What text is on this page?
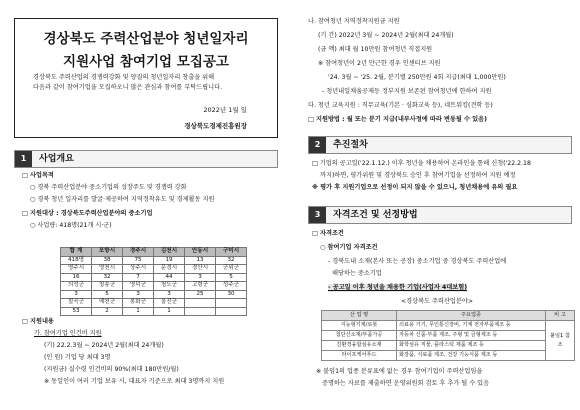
경상북도 주력산업분야 청년일자리
지원사업 참여기업 모집공고
경상북도 주력산업의 경쟁력강화 및 양질의 청년일자리 창출을 위해
다음과 같이 참여기업을 모집하오니 많은 관심과 참여를 부탁드립니다.
2022년 1월 일
경상북도경제진흥원장
1	사업개요
□ 사업목적
○ 경북 주력산업분야 중소기업의 성장주도 및 경쟁력 강화
○ 경북 청년 일자리를 발굴·제공하여 지역정착유도 및 경제활동 지원
□ 지원대상 : 경상북도주력산업분야의 중소기업
○ 사업량: 418명(21개 시·군)
합 계	포항시	경주시	김천시	안동시	구미시
418명	38	75	19	13	32
영주시	영천시	상주시	문경시	경산시	군위군
16	32	7	44	3	5
의성군	청송군	영덕군	청도군	고령군	성주군
3	5	3	3	25	30
칠곡군	예천군	봉화군	울진군		
53	2	1	1		
□ 지원내용
가. 참여기업 인건비 지원
(기) 22.2.3월 ~ 2024년 2월(최대 24개월)
(인 원) 기업 당 최대 3명
(지원금) 실수령 인건비의 90%(최대 180만원/월)
※ 동일인이 여러 기업 보유 시, 대표자 기준으로 최대 3명까지 지원
나. 참여청년 지역정착지원금 지원
(기 간) 2022년 3월 ~ 2024년 2월(최대 24개월)
(금 액) 최대 월 10만원 참여청년 직접지원
※ 참여청년이 2년 만근한 경우 인센티브 지원
'24. 3월 ~ '25. 2월, 분기별 250만원 4회 지급(최대 1,000만원)
- 청년내일채움공제등 정부지원 보존된 참여청년에 한하여 지원
다. 청년 교육지원 : 직무교육(기본 · 심화교육 등), 네트워킹(견학 등)
□ 지원방법 : 월 또는 분기 지급(내부사정에 따라 변동될 수 있음)
2	추진절차
□ 기업의 공고일('22.1.12.) 이후 청년을 채용하여 온라인을 통해 신청('22.2.18
까지)하면, 평가위원 및 경상북도 승인 후 참여기업을 선정하여 지원 예정
※ 평가 후 지원기업으로 선정이 되지 않을 수 있으니, 청년채용에 유의 필요
3	자격조건 및 선정방법
□ 자격조건
○ 참여기업 자격조건
- 경북도내 소재(본사 또는 공장) 중소기업 중 경상북도 주력산업에
해당하는 중소기업
- 공고일 이후 청년을 채용한 기업(사업자 4대보험)
<경상북도 주력산업분야>
산 업 명	주요업종	비 고
지능형기계/로봇	의료용 기기, 무인통신장비, 기계 전자부품제조 등	붙임1 참조
첨단신소재/부품가공	자동차 신품·부품 제조, 주형 및 금형제조 등	
친환경융합섬유소재	화학섬유 직물, 플라스틱 제품 제조 등	
라이프케어푸드	화장품, 식료품 제조, 건강 기능식품 제조 등	
※ 붙임1의 업종 분류표에 없는 경우 참여기업이 주력산업임을
증명하는 자료를 제출하면 운영위원회 검토 후 추가 될 수 있음
